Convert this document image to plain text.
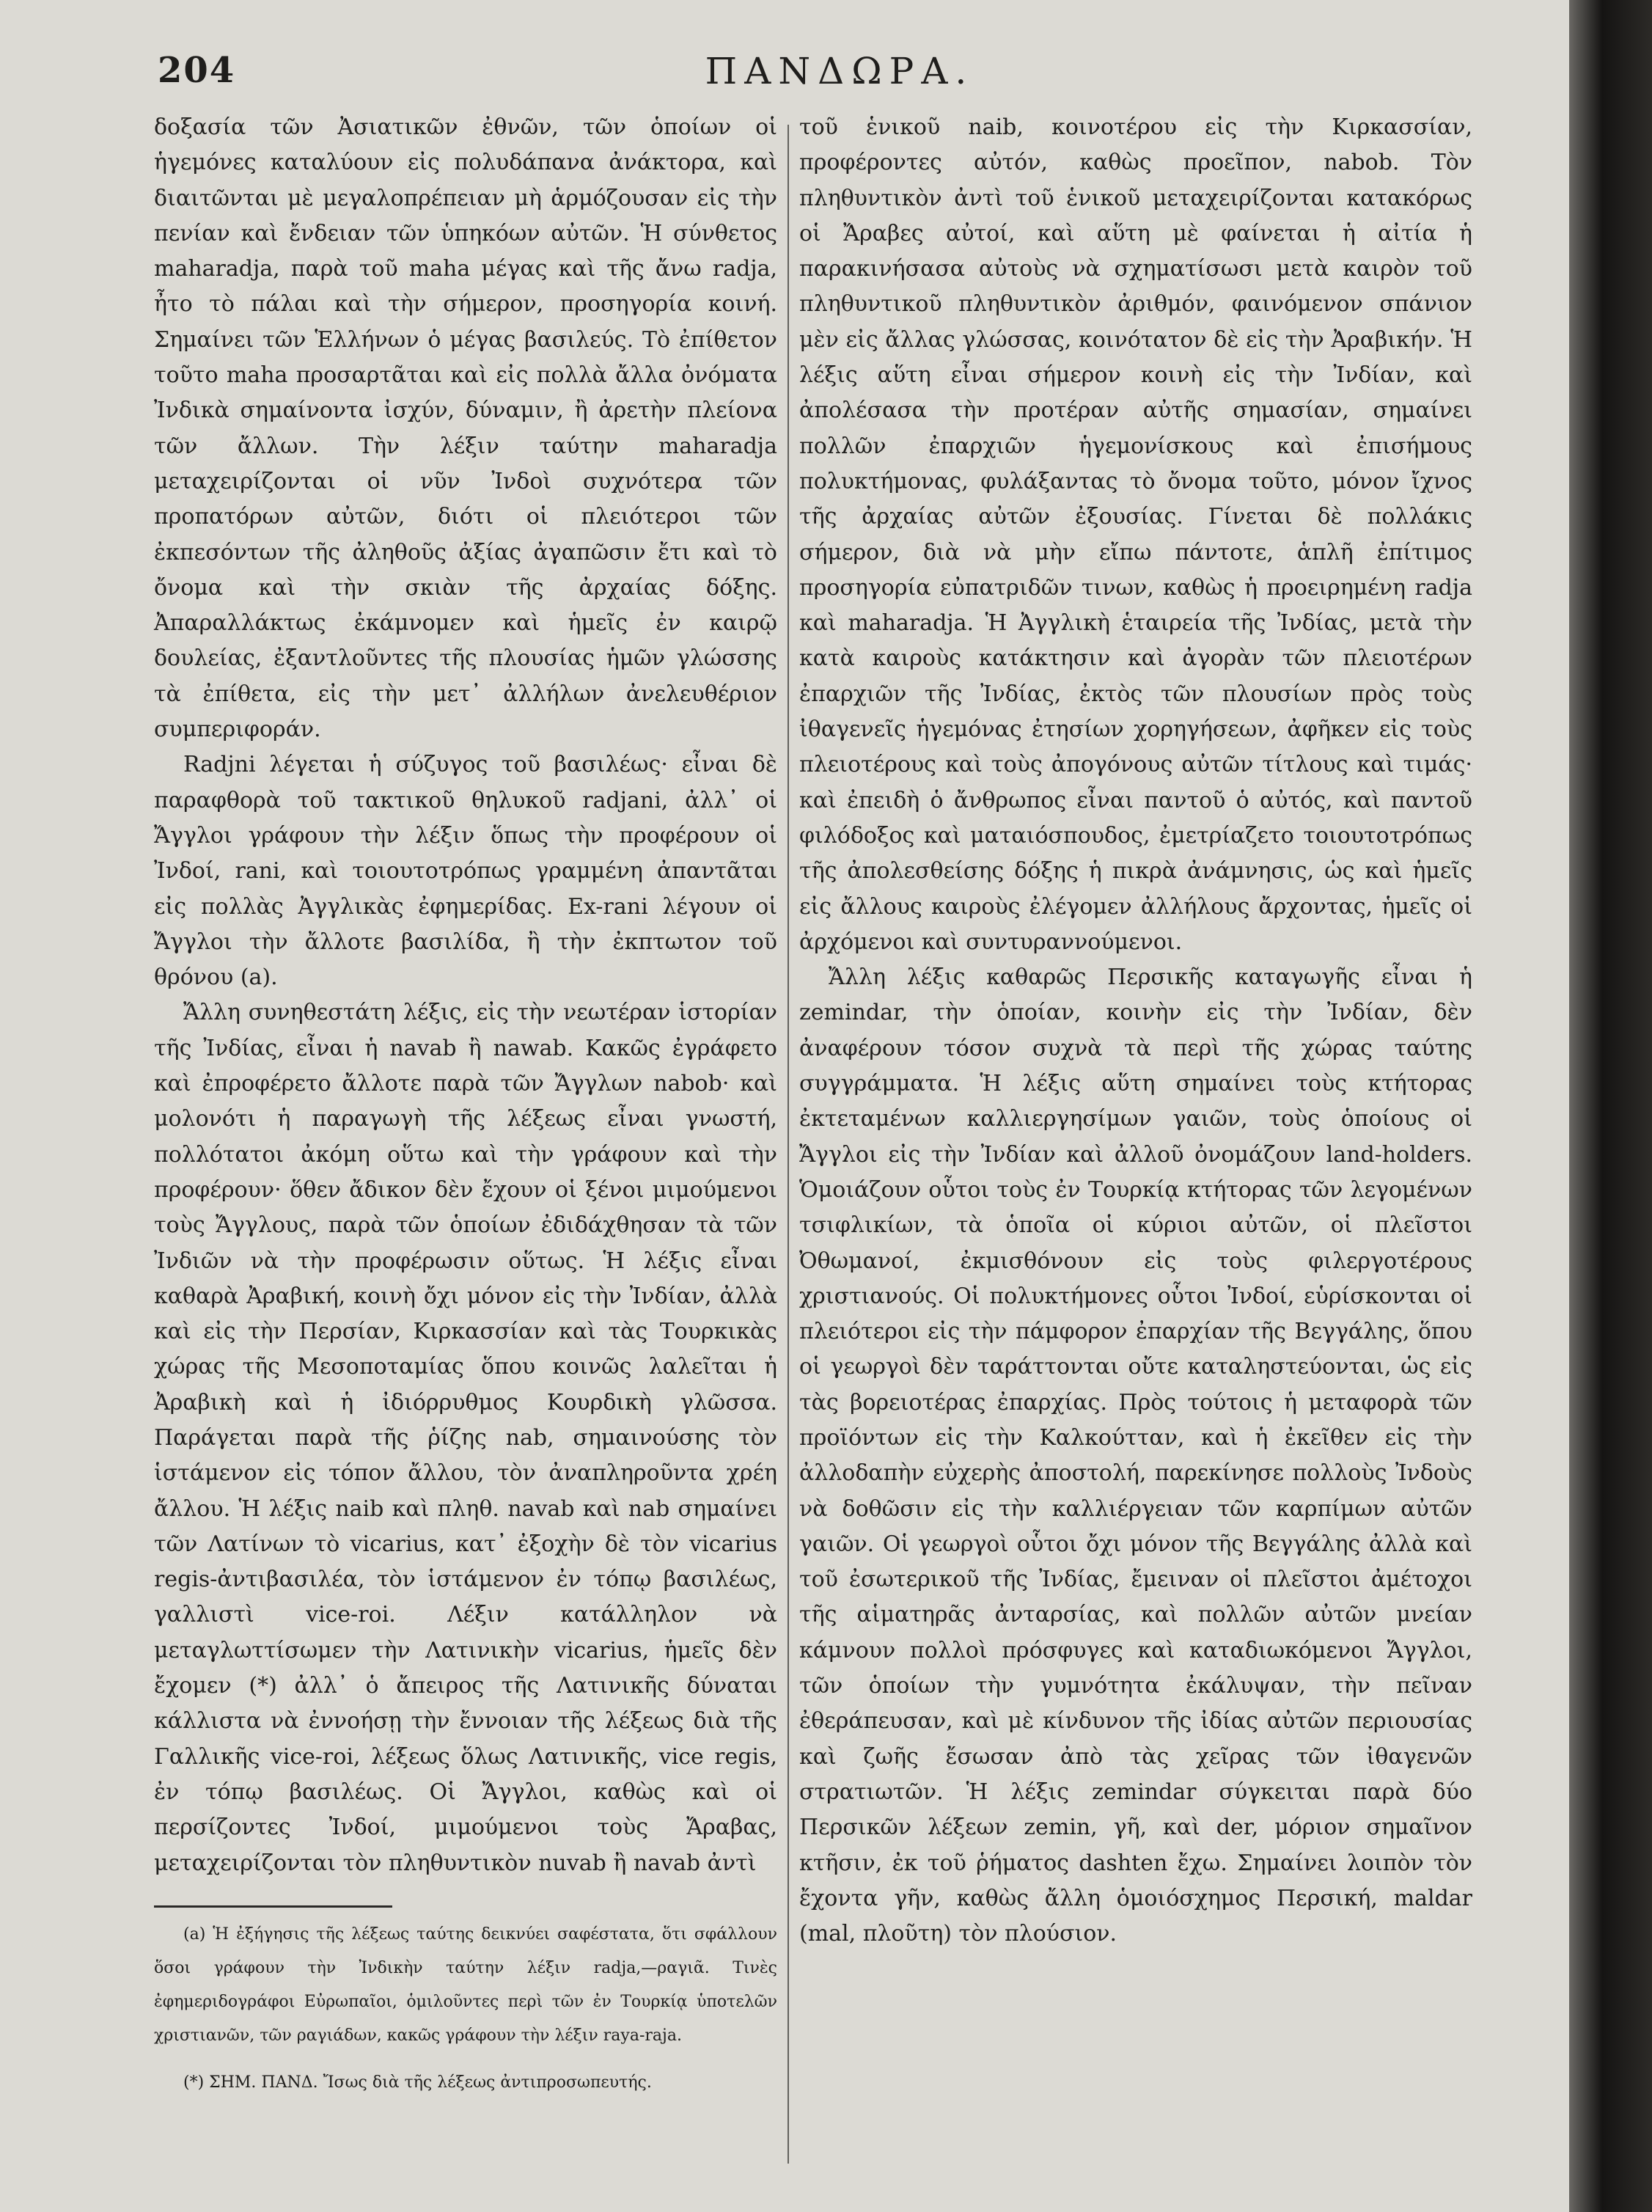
204	ΠΑΝΔΩΡΑ.

δοξασία τῶν Ἀσιατικῶν ἐθνῶν, τῶν ὁποίων οἱ ἡγεμόνες καταλύουν εἰς πολυδάπανα ἀνάκτορα, καὶ διαιτῶνται μὲ μεγαλοπρέπειαν μὴ ἁρμόζουσαν εἰς τὴν πενίαν καὶ ἔνδειαν τῶν ὑπηκόων αὐτῶν. Ἡ σύνθετος maharadja, παρὰ τοῦ maha μέγας καὶ τῆς ἄνω radja, ἦτο τὸ πάλαι καὶ τὴν σήμερον, προσηγορία κοινή. Σημαίνει τῶν Ἑλλήνων ὁ μέγας βασιλεύς. Τὸ ἐπίθετον τοῦτο maha προσαρτᾶται καὶ εἰς πολλὰ ἄλλα ὀνόματα Ἰνδικὰ σημαίνοντα ἰσχύν, δύναμιν, ἢ ἀρετὴν πλείονα τῶν ἄλλων. Τὴν λέξιν ταύτην maharadja μεταχειρίζονται οἱ νῦν Ἰνδοὶ συχνότερα τῶν προπατόρων αὐτῶν, διότι οἱ πλειότεροι τῶν ἐκπεσόντων τῆς ἀληθοῦς ἀξίας ἀγαπῶσιν ἔτι καὶ τὸ ὄνομα καὶ τὴν σκιὰν τῆς ἀρχαίας δόξης. Ἀπαραλλάκτως ἐκάμνομεν καὶ ἡμεῖς ἐν καιρῷ δουλείας, ἐξαντλοῦντες τῆς πλουσίας ἡμῶν γλώσσης τὰ ἐπίθετα, εἰς τὴν μετ᾽ ἀλλήλων ἀνελευθέριον συμπεριφοράν.

Radjni λέγεται ἡ σύζυγος τοῦ βασιλέως· εἶναι δὲ παραφθορὰ τοῦ τακτικοῦ θηλυκοῦ radjani, ἀλλ᾽ οἱ Ἄγγλοι γράφουν τὴν λέξιν ὅπως τὴν προφέρουν οἱ Ἰνδοί, rani, καὶ τοιουτοτρόπως γραμμένη ἀπαντᾶται εἰς πολλὰς Ἀγγλικὰς ἐφημερίδας. Ex-rani λέγουν οἱ Ἄγγλοι τὴν ἄλλοτε βασιλίδα, ἢ τὴν ἐκπτωτον τοῦ θρόνου (a).

Ἄλλη συνηθεστάτη λέξις, εἰς τὴν νεωτέραν ἱστορίαν τῆς Ἰνδίας, εἶναι ἡ navab ἢ nawab. Κακῶς ἐγράφετο καὶ ἐπροφέρετο ἄλλοτε παρὰ τῶν Ἄγγλων nabob· καὶ μολονότι ἡ παραγωγὴ τῆς λέξεως εἶναι γνωστή, πολλότατοι ἀκόμη οὕτω καὶ τὴν γράφουν καὶ τὴν προφέρουν· ὅθεν ἄδικον δὲν ἔχουν οἱ ξένοι μιμούμενοι τοὺς Ἄγγλους, παρὰ τῶν ὁποίων ἐδιδάχθησαν τὰ τῶν Ἰνδιῶν νὰ τὴν προφέρωσιν οὕτως. Ἡ λέξις εἶναι καθαρὰ Ἀραβική, κοινὴ ὄχι μόνον εἰς τὴν Ἰνδίαν, ἀλλὰ καὶ εἰς τὴν Περσίαν, Κιρκασσίαν καὶ τὰς Τουρκικὰς χώρας τῆς Μεσοποταμίας ὅπου κοινῶς λαλεῖται ἡ Ἀραβικὴ καὶ ἡ ἰδιόρρυθμος Κουρδικὴ γλῶσσα. Παράγεται παρὰ τῆς ῥίζης nab, σημαινούσης τὸν ἱστάμενον εἰς τόπον ἄλλου, τὸν ἀναπληροῦντα χρέη ἄλλου. Ἡ λέξις naib καὶ πληθ. navab καὶ nab σημαίνει τῶν Λατίνων τὸ vicarius, κατ᾽ ἐξοχὴν δὲ τὸν vicarius regis-ἀντιβασιλέα, τὸν ἱστάμενον ἐν τόπῳ βασιλέως, γαλλιστὶ vice-roi. Λέξιν κατάλληλον νὰ μεταγλωττίσωμεν τὴν Λατινικὴν vicarius, ἡμεῖς δὲν ἔχομεν (*) ἀλλ᾽ ὁ ἄπειρος τῆς Λατινικῆς δύναται κάλλιστα νὰ ἐννοήσῃ τὴν ἔννοιαν τῆς λέξεως διὰ τῆς Γαλλικῆς vice-roi, λέξεως ὅλως Λατινικῆς, vice regis, ἐν τόπῳ βασιλέως. Οἱ Ἄγγλοι, καθὼς καὶ οἱ περσίζοντες Ἰνδοί, μιμούμενοι τοὺς Ἄραβας, μεταχειρίζονται τὸν πληθυντικὸν nuvab ἢ navab ἀντὶ

τοῦ ἑνικοῦ naib, κοινοτέρου εἰς τὴν Κιρκασσίαν, προφέροντες αὐτόν, καθὼς προεῖπον, nabob. Τὸν πληθυντικὸν ἀντὶ τοῦ ἑνικοῦ μεταχειρίζονται κατακόρως οἱ Ἄραβες αὐτοί, καὶ αὕτη μὲ φαίνεται ἡ αἰτία ἡ παρακινήσασα αὐτοὺς νὰ σχηματίσωσι μετὰ καιρὸν τοῦ πληθυντικοῦ πληθυντικὸν ἀριθμόν, φαινόμενον σπάνιον μὲν εἰς ἄλλας γλώσσας, κοινότατον δὲ εἰς τὴν Ἀραβικήν. Ἡ λέξις αὕτη εἶναι σήμερον κοινὴ εἰς τὴν Ἰνδίαν, καὶ ἀπολέσασα τὴν προτέραν αὐτῆς σημασίαν, σημαίνει πολλῶν ἐπαρχιῶν ἡγεμονίσκους καὶ ἐπισήμους πολυκτήμονας, φυλάξαντας τὸ ὄνομα τοῦτο, μόνον ἴχνος τῆς ἀρχαίας αὐτῶν ἐξουσίας. Γίνεται δὲ πολλάκις σήμερον, διὰ νὰ μὴν εἴπω πάντοτε, ἁπλῆ ἐπίτιμος προσηγορία εὐπατριδῶν τινων, καθὼς ἡ προειρημένη radja καὶ maharadja. Ἡ Ἀγγλικὴ ἑταιρεία τῆς Ἰνδίας, μετὰ τὴν κατὰ καιροὺς κατάκτησιν καὶ ἀγορὰν τῶν πλειοτέρων ἐπαρχιῶν τῆς Ἰνδίας, ἐκτὸς τῶν πλουσίων πρὸς τοὺς ἰθαγενεῖς ἡγεμόνας ἐτησίων χορηγήσεων, ἀφῆκεν εἰς τοὺς πλειοτέρους καὶ τοὺς ἀπογόνους αὐτῶν τίτλους καὶ τιμάς· καὶ ἐπειδὴ ὁ ἄνθρωπος εἶναι παντοῦ ὁ αὐτός, καὶ παντοῦ φιλόδοξος καὶ ματαιόσπουδος, ἐμετρίαζετο τοιουτοτρόπως τῆς ἀπολεσθείσης δόξης ἡ πικρὰ ἀνάμνησις, ὡς καὶ ἡμεῖς εἰς ἄλλους καιροὺς ἐλέγομεν ἀλλήλους ἄρχοντας, ἡμεῖς οἱ ἀρχόμενοι καὶ συντυραννούμενοι.

Ἄλλη λέξις καθαρῶς Περσικῆς καταγωγῆς εἶναι ἡ zemindar, τὴν ὁποίαν, κοινὴν εἰς τὴν Ἰνδίαν, δὲν ἀναφέρουν τόσον συχνὰ τὰ περὶ τῆς χώρας ταύτης συγγράμματα. Ἡ λέξις αὕτη σημαίνει τοὺς κτήτορας ἐκτεταμένων καλλιεργησίμων γαιῶν, τοὺς ὁποίους οἱ Ἄγγλοι εἰς τὴν Ἰνδίαν καὶ ἀλλοῦ ὀνομάζουν land-holders. Ὁμοιάζουν οὗτοι τοὺς ἐν Τουρκίᾳ κτήτορας τῶν λεγομένων τσιφλικίων, τὰ ὁποῖα οἱ κύριοι αὐτῶν, οἱ πλεῖστοι Ὀθωμανοί, ἐκμισθόνουν εἰς τοὺς φιλεργοτέρους χριστιανούς. Οἱ πολυκτήμονες οὗτοι Ἰνδοί, εὑρίσκονται οἱ πλειότεροι εἰς τὴν πάμφορον ἐπαρχίαν τῆς Βεγγάλης, ὅπου οἱ γεωργοὶ δὲν ταράττονται οὔτε καταληστεύονται, ὡς εἰς τὰς βορειοτέρας ἐπαρχίας. Πρὸς τούτοις ἡ μεταφορὰ τῶν προϊόντων εἰς τὴν Καλκούτταν, καὶ ἡ ἐκεῖθεν εἰς τὴν ἀλλοδαπὴν εὐχερὴς ἀποστολή, παρεκίνησε πολλοὺς Ἰνδοὺς νὰ δοθῶσιν εἰς τὴν καλλιέργειαν τῶν καρπίμων αὐτῶν γαιῶν. Οἱ γεωργοὶ οὗτοι ὄχι μόνον τῆς Βεγγάλης ἀλλὰ καὶ τοῦ ἐσωτερικοῦ τῆς Ἰνδίας, ἔμειναν οἱ πλεῖστοι ἀμέτοχοι τῆς αἱματηρᾶς ἀνταρσίας, καὶ πολλῶν αὐτῶν μνείαν κάμνουν πολλοὶ πρόσφυγες καὶ καταδιωκόμενοι Ἄγγλοι, τῶν ὁποίων τὴν γυμνότητα ἐκάλυψαν, τὴν πεῖναν ἐθεράπευσαν, καὶ μὲ κίνδυνον τῆς ἰδίας αὐτῶν περιουσίας καὶ ζωῆς ἔσωσαν ἀπὸ τὰς χεῖρας τῶν ἰθαγενῶν στρατιωτῶν. Ἡ λέξις zemindar σύγκειται παρὰ δύο Περσικῶν λέξεων zemin, γῆ, καὶ der, μόριον σημαῖνον κτῆσιν, ἐκ τοῦ ῥήματος dashten ἔχω. Σημαίνει λοιπὸν τὸν ἔχοντα γῆν, καθὼς ἄλλη ὁμοιόσχημος Περσική, maldar (mal, πλοῦτη) τὸν πλούσιον.

(a) Ἡ ἐξήγησις τῆς λέξεως ταύτης δεικνύει σαφέστατα, ὅτι σφάλλουν ὅσοι γράφουν τὴν Ἰνδικὴν ταύτην λέξιν radja,—ραγιᾶ. Τινὲς ἐφημεριδογράφοι Εὐρωπαῖοι, ὁμιλοῦντες περὶ τῶν ἐν Τουρκίᾳ ὑποτελῶν χριστιανῶν, τῶν ραγιάδων, κακῶς γράφουν τὴν λέξιν raya-raja.

(*) ΣΗΜ. ΠΑΝΔ. Ἴσως διὰ τῆς λέξεως ἀντιπροσωπευτής.
